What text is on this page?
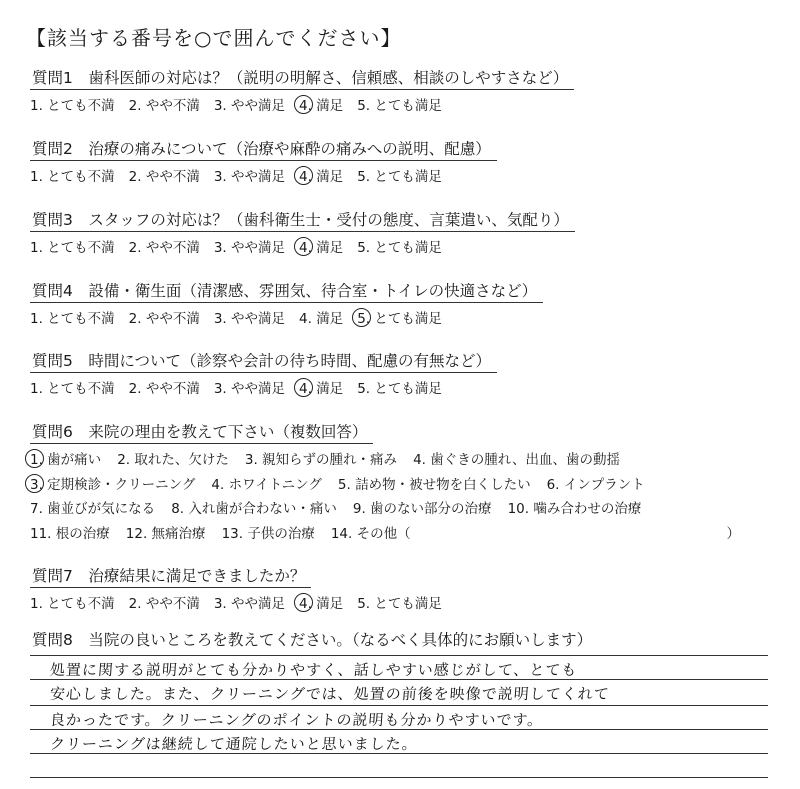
【該当する番号を○で囲んでください】
質問1　歯科医師の対応は？（説明の明解さ、信頼感、相談のしやすさなど）
1. とても不満 2. やや不満 3. やや満足 4. 満足 5. とても満足
質問2　治療の痛みについて（治療や麻酔の痛みへの説明、配慮）
1. とても不満 2. やや不満 3. やや満足 4. 満足 5. とても満足
質問3　スタッフの対応は？（歯科衛生士・受付の態度、言葉遣い、気配り）
1. とても不満 2. やや不満 3. やや満足 4. 満足 5. とても満足
質問4　設備・衛生面（清潔感、雰囲気、待合室・トイレの快適さなど）
1. とても不満 2. やや不満 3. やや満足 4. 満足 5. とても満足
質問5　時間について（診察や会計の待ち時間、配慮の有無など）
1. とても不満 2. やや不満 3. やや満足 4. 満足 5. とても満足
質問6　来院の理由を教えて下さい（複数回答）
1. 歯が痛い 2. 取れた、欠けた 3. 親知らずの腫れ・痛み 4. 歯ぐきの腫れ、出血、歯の動揺
3. 定期検診・クリーニング 4. ホワイトニング 5. 詰め物・被せ物を白くしたい 6. インプラント
7. 歯並びが気になる 8. 入れ歯が合わない・痛い 9. 歯のない部分の治療 10. 噛み合わせの治療
11. 根の治療 12. 無痛治療 13. 子供の治療 14. その他（	）
質問7　治療結果に満足できましたか？
1. とても不満 2. やや不満 3. やや満足 4. 満足 5. とても満足
質問8　当院の良いところを教えてください。（なるべく具体的にお願いします）
処置に関する説明がとても分かりやすく、話しやすい感じがして、とても
安心しました。また、クリーニングでは、処置の前後を映像で説明してくれて
良かったです。クリーニングのポイントの説明も分かりやすいです。
クリーニングは継続して通院したいと思いました。
